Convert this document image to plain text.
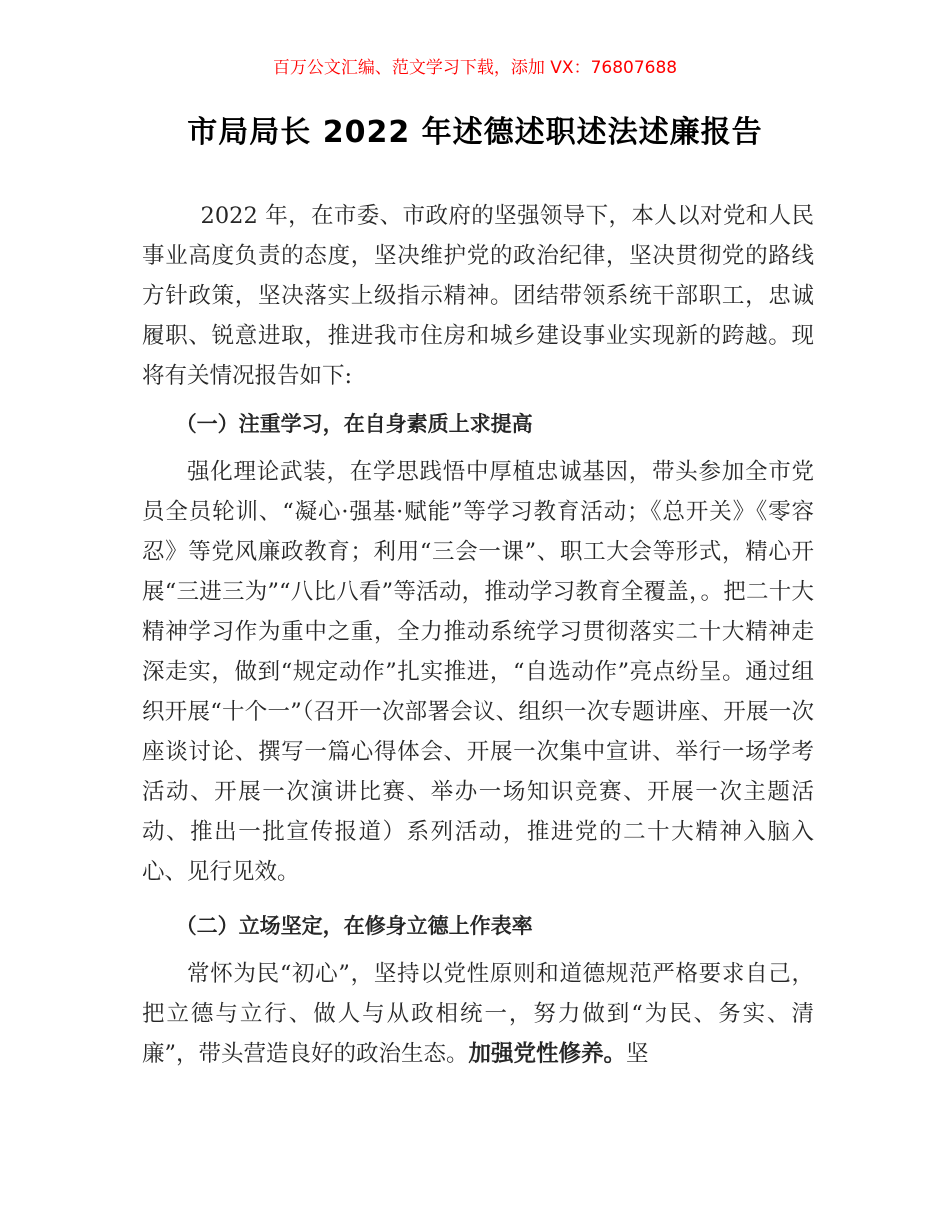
百万公文汇编、范文学习下载，添加 VX：76807688
市局局长 2022 年述德述职述法述廉报告

2022 年，在市委、市政府的坚强领导下，本人以对党和人民事业高度负责的态度，坚决维护党的政治纪律，坚决贯彻党的路线方针政策，坚决落实上级指示精神。团结带领系统干部职工，忠诚履职、锐意进取，推进我市住房和城乡建设事业实现新的跨越。现将有关情况报告如下:

（一）注重学习，在自身素质上求提高

强化理论武装，在学思践悟中厚植忠诚基因，带头参加全市党员全员轮训、“凝心·强基·赋能”等学习教育活动；《总开关》《零容忍》等党风廉政教育；利用“三会一课”、职工大会等形式，精心开展“三进三为”“八比八看”等活动，推动学习教育全覆盖，。把二十大精神学习作为重中之重，全力推动系统学习贯彻落实二十大精神走深走实，做到“规定动作”扎实推进，“自选动作”亮点纷呈。通过组织开展“十个一”（召开一次部署会议、组织一次专题讲座、开展一次座谈讨论、撰写一篇心得体会、开展一次集中宣讲、举行一场学考活动、开展一次演讲比赛、举办一场知识竞赛、开展一次主题活动、推出一批宣传报道）系列活动，推进党的二十大精神入脑入心、见行见效。

（二）立场坚定，在修身立德上作表率

常怀为民“初心”，坚持以党性原则和道德规范严格要求自己，把立德与立行、做人与从政相统一，努力做到“为民、务实、清廉”，带头营造良好的政治生态。加强党性修养。坚
